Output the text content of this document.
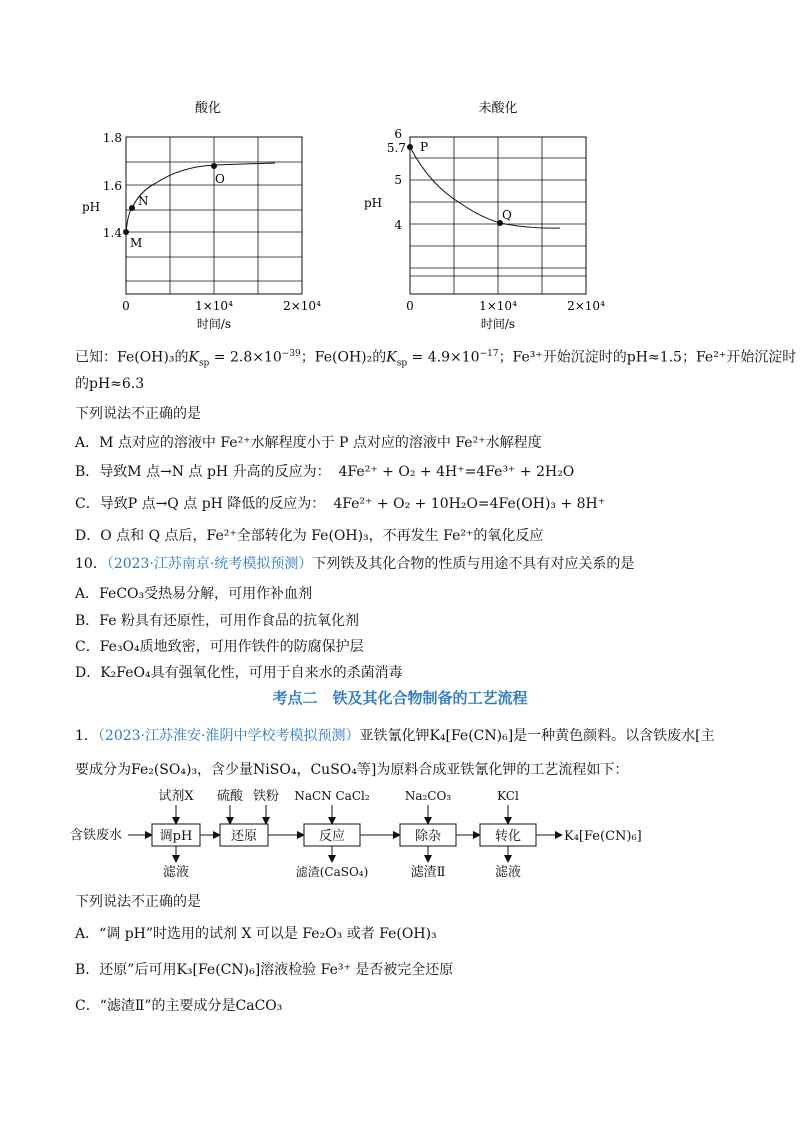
酸化
1.8
1.6
1.4
pH
0	1×10⁴	2×10⁴
时间/s
M
N
O
未酸化
6
5.7
5
4
pH
0	1×10⁴	2×10⁴
时间/s
P
Q
已知：Fe(OH)₃的$K_{sp} = 2.8\times 10^{-39}$；Fe(OH)₂的$K_{sp} = 4.9\times 10^{-17}$；Fe³⁺开始沉淀时的pH≈1.5；Fe²⁺开始沉淀时
的pH≈6.3
下列说法不正确的是
A．M 点对应的溶液中 Fe²⁺水解程度小于 P 点对应的溶液中 Fe²⁺水解程度
B．导致M 点→N 点 pH 升高的反应为： 4Fe²⁺ + O₂ + 4H⁺=4Fe³⁺ + 2H₂O
C．导致P 点→Q 点 pH 降低的反应为： 4Fe²⁺ + O₂ + 10H₂O=4Fe(OH)₃ + 8H⁺
D．O 点和 Q 点后，Fe²⁺全部转化为 Fe(OH)₃，不再发生 Fe²⁺的氧化反应
10．（2023·江苏南京·统考模拟预测）下列铁及其化合物的性质与用途不具有对应关系的是
A．FeCO₃受热易分解，可用作补血剂
B．Fe 粉具有还原性，可用作食品的抗氧化剂
C．Fe₃O₄质地致密，可用作铁件的防腐保护层
D．K₂FeO₄具有强氧化性，可用于自来水的杀菌消毒
考点二　铁及其化合物制备的工艺流程
1．（2023·江苏淮安·淮阴中学校考模拟预测）亚铁氰化钾K₄[Fe(CN)₆]是一种黄色颜料。以含铁废水[主
要成分为Fe₂(SO₄)₃，含少量NiSO₄，CuSO₄等]为原料合成亚铁氰化钾的工艺流程如下：
含铁废水	调pH	还原	反应	除杂	转化	K₄[Fe(CN)₆]
试剂X 硫酸 铁粉 NaCN CaCl₂	Na₂CO₃	KCl
滤液	滤渣(CaSO₄)	滤渣Ⅱ	滤液
下列说法不正确的是
A．“调 pH”时选用的试剂 X 可以是 Fe₂O₃ 或者 Fe(OH)₃
B．还原”后可用K₃[Fe(CN)₆]溶液检验 Fe³⁺ 是否被完全还原
C．“滤渣Ⅱ”的主要成分是CaCO₃
